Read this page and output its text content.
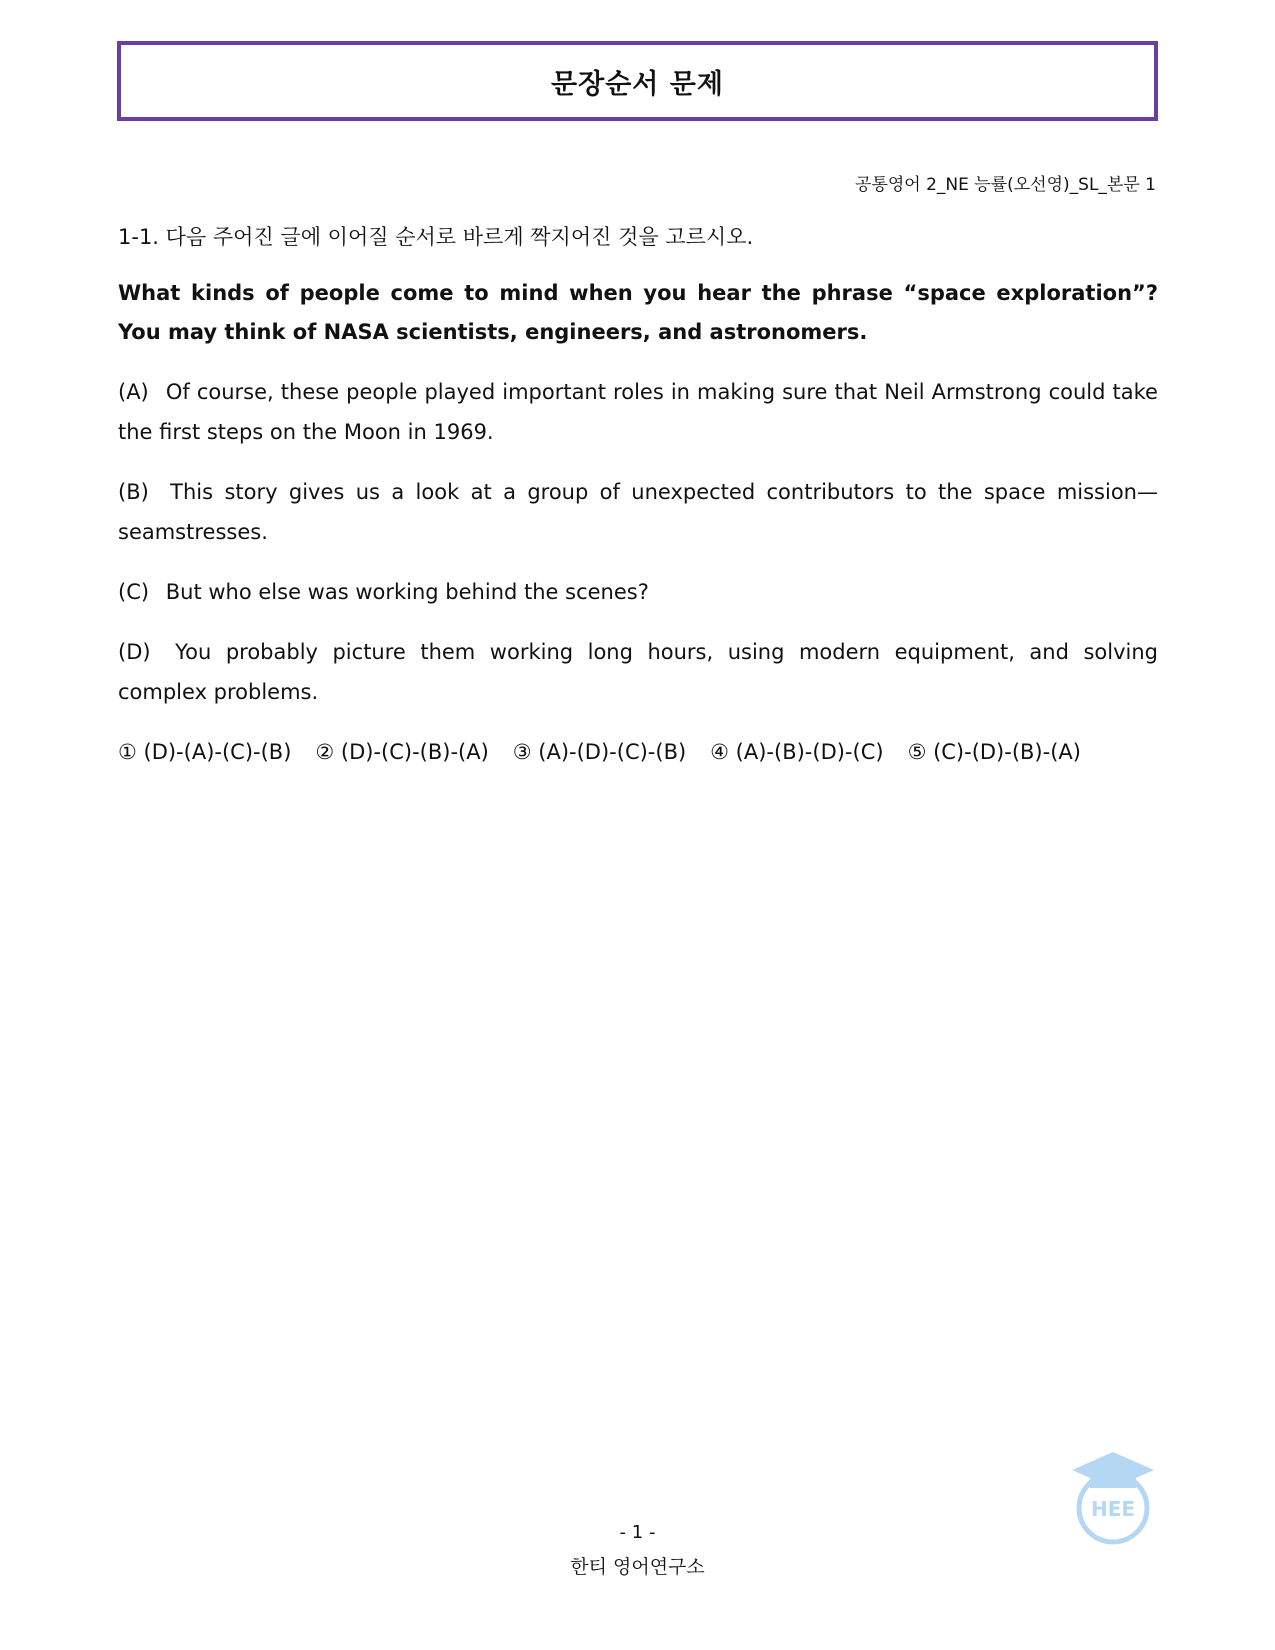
문장순서 문제
공통영어 2_NE 능률(오선영)_SL_본문 1

1-1. 다음 주어진 글에 이어질 순서로 바르게 짝지어진 것을 고르시오.

What kinds of people come to mind when you hear the phrase “space exploration”? You may think of NASA scientists, engineers, and astronomers.

(A) Of course, these people played important roles in making sure that Neil Armstrong could take the first steps on the Moon in 1969.

(B) This story gives us a look at a group of unexpected contributors to the space mission—seamstresses.

(C) But who else was working behind the scenes?

(D) You probably picture them working long hours, using modern equipment, and solving complex problems.

① (D)-(A)-(C)-(B) ② (D)-(C)-(B)-(A) ③ (A)-(D)-(C)-(B) ④ (A)-(B)-(D)-(C) ⑤ (C)-(D)-(B)-(A)
- 1 -
한티 영어연구소
HEE
